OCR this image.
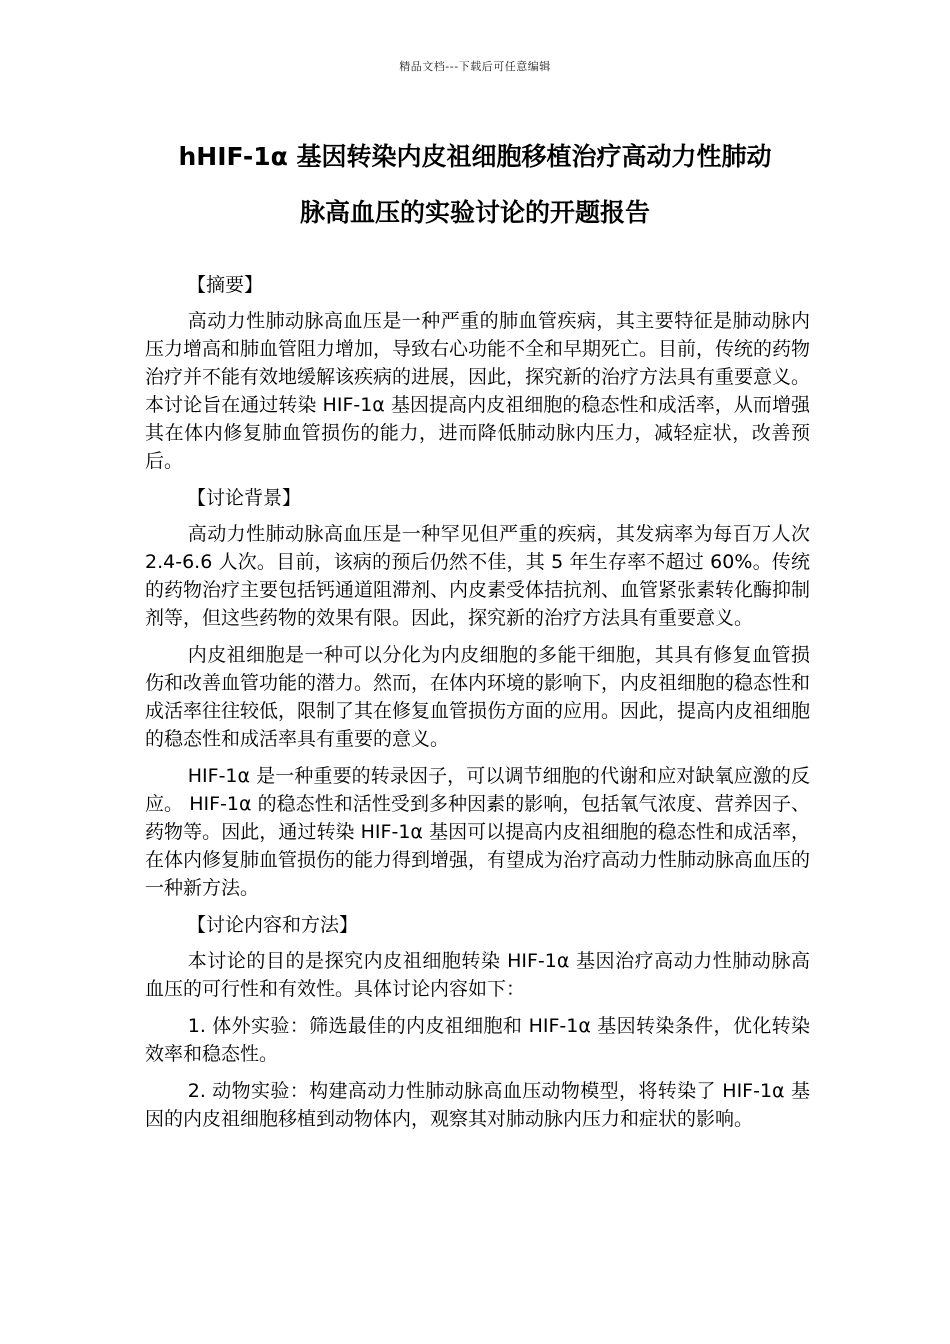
精品文档---下载后可任意编辑
hHIF-1α 基因转染内皮祖细胞移植治疗高动力性肺动
脉高血压的实验讨论的开题报告
【摘要】

高动力性肺动脉高血压是一种严重的肺血管疾病，其主要特征是肺动脉内压力增高和肺血管阻力增加，导致右心功能不全和早期死亡。目前，传统的药物治疗并不能有效地缓解该疾病的进展，因此，探究新的治疗方法具有重要意义。本讨论旨在通过转染 HIF-1α 基因提高内皮祖细胞的稳态性和成活率，从而增强其在体内修复肺血管损伤的能力，进而降低肺动脉内压力，减轻症状，改善预后。

【讨论背景】

高动力性肺动脉高血压是一种罕见但严重的疾病，其发病率为每百万人次 2.4-6.6 人次。目前，该病的预后仍然不佳，其 5 年生存率不超过 60%。传统的药物治疗主要包括钙通道阻滞剂、内皮素受体拮抗剂、血管紧张素转化酶抑制剂等，但这些药物的效果有限。因此，探究新的治疗方法具有重要意义。

内皮祖细胞是一种可以分化为内皮细胞的多能干细胞，其具有修复血管损伤和改善血管功能的潜力。然而，在体内环境的影响下，内皮祖细胞的稳态性和成活率往往较低，限制了其在修复血管损伤方面的应用。因此，提高内皮祖细胞的稳态性和成活率具有重要的意义。

HIF-1α 是一种重要的转录因子，可以调节细胞的代谢和应对缺氧应激的反应。 HIF-1α 的稳态性和活性受到多种因素的影响，包括氧气浓度、营养因子、药物等。因此，通过转染 HIF-1α 基因可以提高内皮祖细胞的稳态性和成活率，在体内修复肺血管损伤的能力得到增强，有望成为治疗高动力性肺动脉高血压的一种新方法。

【讨论内容和方法】

本讨论的目的是探究内皮祖细胞转染 HIF-1α 基因治疗高动力性肺动脉高血压的可行性和有效性。具体讨论内容如下：

1. 体外实验：筛选最佳的内皮祖细胞和 HIF-1α 基因转染条件，优化转染效率和稳态性。

2. 动物实验：构建高动力性肺动脉高血压动物模型，将转染了 HIF-1α 基因的内皮祖细胞移植到动物体内，观察其对肺动脉内压力和症状的影响。
